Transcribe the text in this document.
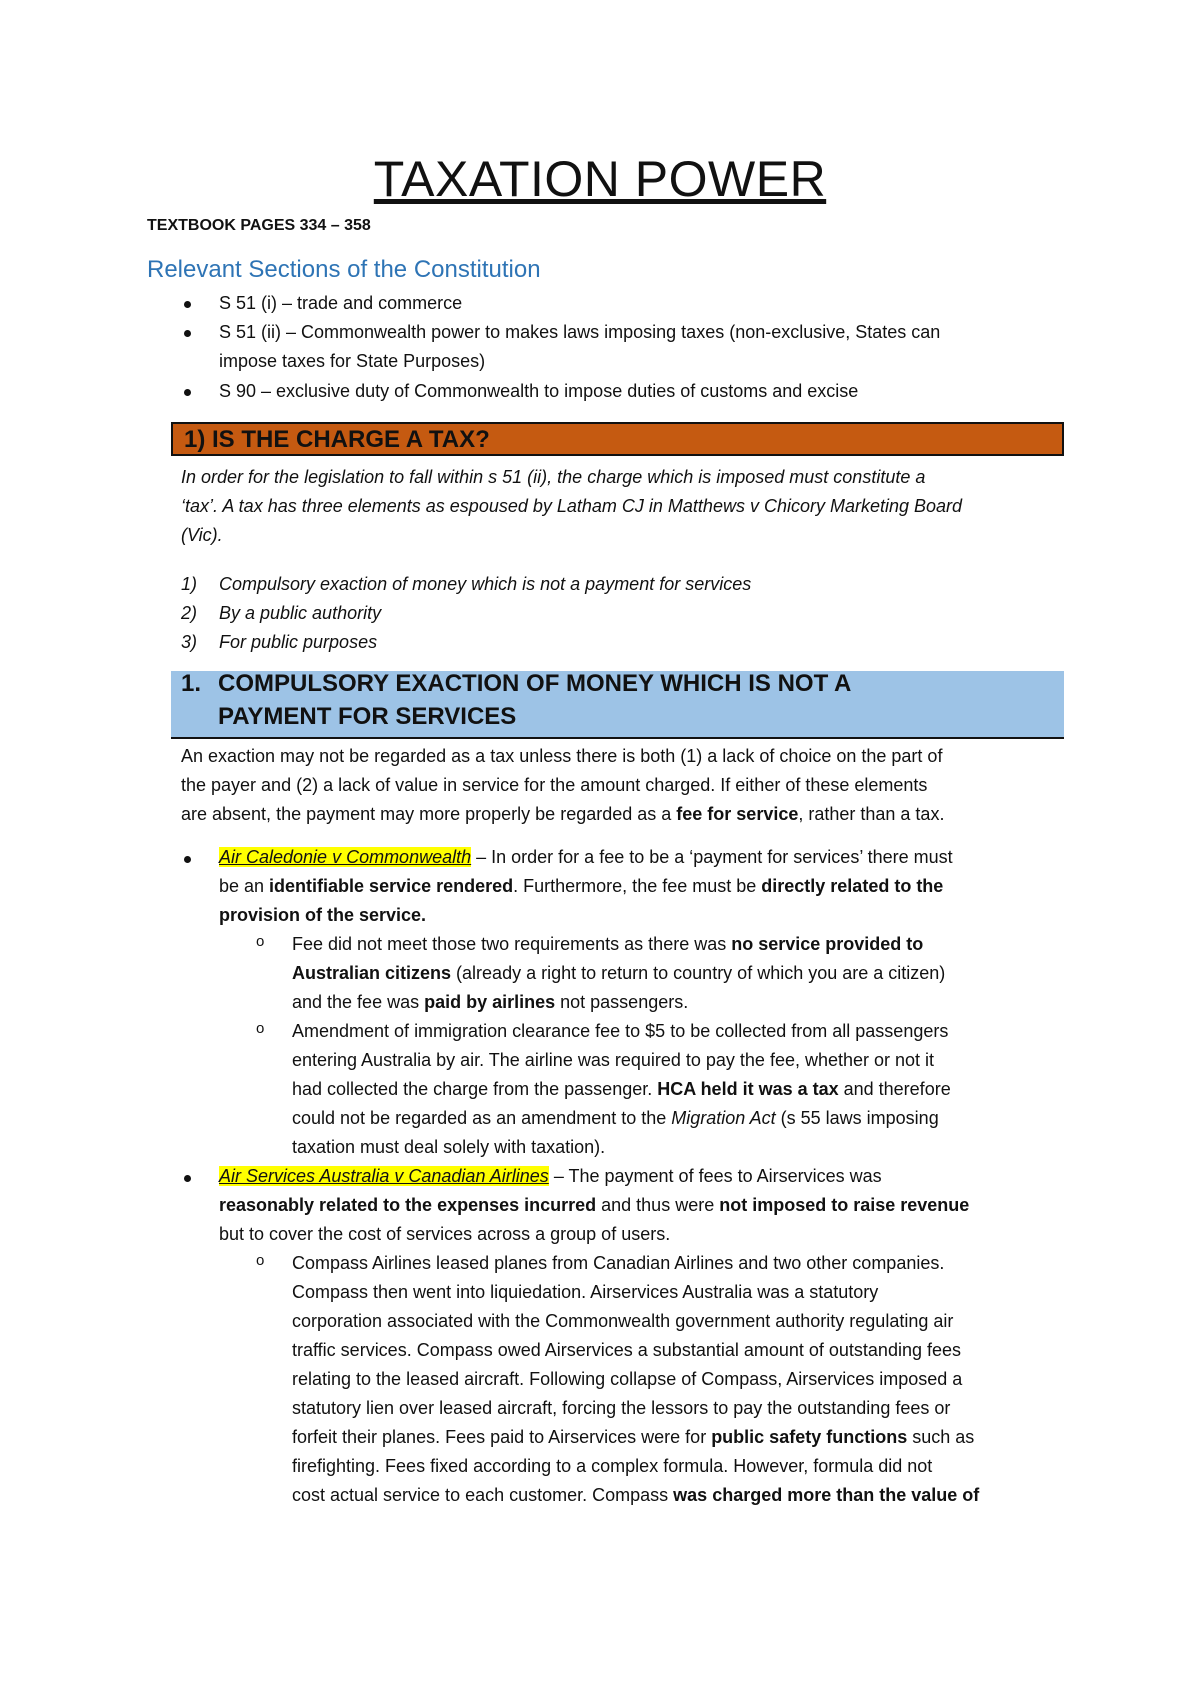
TAXATION POWER
TEXTBOOK PAGES 334 – 358
Relevant Sections of the Constitution
S 51 (i) – trade and commerce
S 51 (ii) – Commonwealth power to makes laws imposing taxes (non-exclusive, States can
impose taxes for State Purposes)
S 90 – exclusive duty of Commonwealth to impose duties of customs and excise
1) IS THE CHARGE A TAX?
In order for the legislation to fall within s 51 (ii), the charge which is imposed must constitute a
‘tax’. A tax has three elements as espoused by Latham CJ in Matthews v Chicory Marketing Board
(Vic).
1) Compulsory exaction of money which is not a payment for services
2) By a public authority
3) For public purposes
1. COMPULSORY EXACTION OF MONEY WHICH IS NOT A
PAYMENT FOR SERVICES
An exaction may not be regarded as a tax unless there is both (1) a lack of choice on the part of
the payer and (2) a lack of value in service for the amount charged. If either of these elements
are absent, the payment may more properly be regarded as a fee for service, rather than a tax.
Air Caledonie v Commonwealth – In order for a fee to be a ‘payment for services’ there must
be an identifiable service rendered. Furthermore, the fee must be directly related to the
provision of the service.
o Fee did not meet those two requirements as there was no service provided to
Australian citizens (already a right to return to country of which you are a citizen)
and the fee was paid by airlines not passengers.
o Amendment of immigration clearance fee to $5 to be collected from all passengers
entering Australia by air. The airline was required to pay the fee, whether or not it
had collected the charge from the passenger. HCA held it was a tax and therefore
could not be regarded as an amendment to the Migration Act (s 55 laws imposing
taxation must deal solely with taxation).
Air Services Australia v Canadian Airlines – The payment of fees to Airservices was
reasonably related to the expenses incurred and thus were not imposed to raise revenue
but to cover the cost of services across a group of users.
o Compass Airlines leased planes from Canadian Airlines and two other companies.
Compass then went into liquiedation. Airservices Australia was a statutory
corporation associated with the Commonwealth government authority regulating air
traffic services. Compass owed Airservices a substantial amount of outstanding fees
relating to the leased aircraft. Following collapse of Compass, Airservices imposed a
statutory lien over leased aircraft, forcing the lessors to pay the outstanding fees or
forfeit their planes. Fees paid to Airservices were for public safety functions such as
firefighting. Fees fixed according to a complex formula. However, formula did not
cost actual service to each customer. Compass was charged more than the value of
